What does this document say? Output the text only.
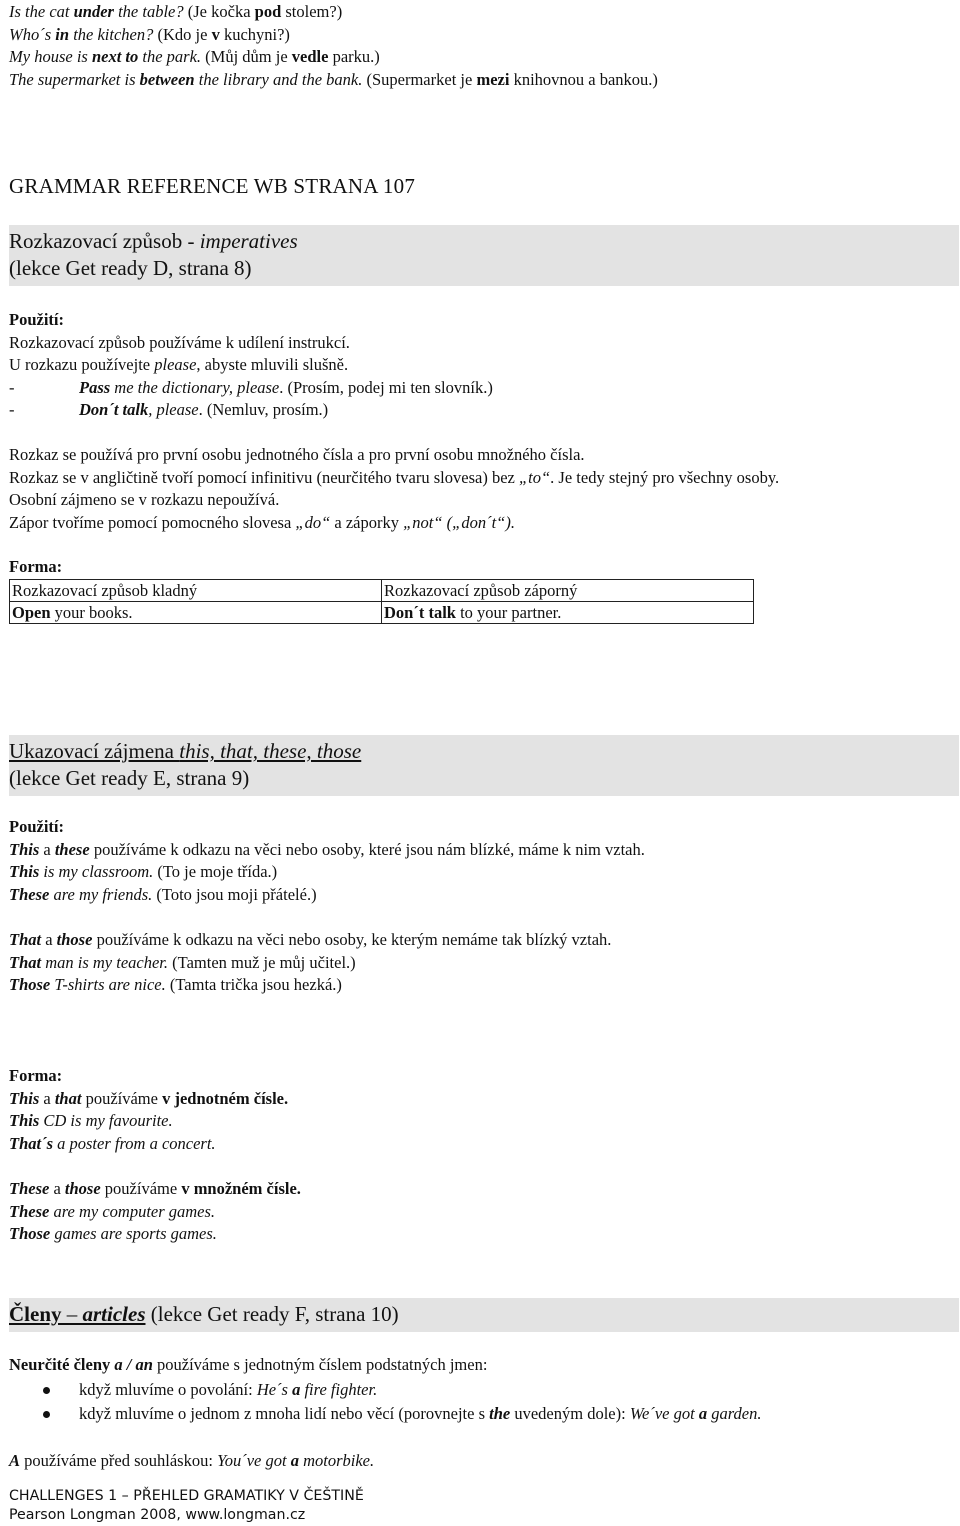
Is the cat under the table? (Je kočka pod stolem?)

Who´s in the kitchen? (Kdo je v kuchyni?)

My house is next to the park. (Můj dům je vedle parku.)

The supermarket is between the library and the bank. (Supermarket je mezi knihovnou a bankou.)

GRAMMAR REFERENCE WB STRANA 107
Rozkazovací způsob - imperatives
(lekce Get ready D, strana 8)

Použití:

Rozkazovací způsob používáme k udílení instrukcí.

U rozkazu používejte please, abyste mluvili slušně.

-	Pass me the dictionary, please. (Prosím, podej mi ten slovník.)

-	Don´t talk, please. (Nemluv, prosím.)

Rozkaz se používá pro první osobu jednotného čísla a pro první osobu množného čísla.

Rozkaz se v angličtině tvoří pomocí infinitivu (neurčitého tvaru slovesa) bez „to“. Je tedy stejný pro všechny osoby.

Osobní zájmeno se v rozkazu nepoužívá.

Zápor tvoříme pomocí pomocného slovesa „do“ a záporky „not“ („don´t“).

Forma:

Rozkazovací způsob kladný	Rozkazovací způsob záporný
Open your books.	Don´t talk to your partner.
Ukazovací zájmena this, that, these, those
(lekce Get ready E, strana 9)

Použití:

This a these používáme k odkazu na věci nebo osoby, které jsou nám blízké, máme k nim vztah.

This is my classroom. (To je moje třída.)

These are my friends. (Toto jsou moji přátelé.)

That a those používáme k odkazu na věci nebo osoby, ke kterým nemáme tak blízký vztah.

That man is my teacher. (Tamten muž je můj učitel.)

Those T-shirts are nice. (Tamta trička jsou hezká.)

Forma:

This a that používáme v jednotném čísle.

This CD is my favourite.

That´s a poster from a concert.

These a those používáme v množném čísle.

These are my computer games.

Those games are sports games.

Členy – articles (lekce Get ready F, strana 10)

Neurčité členy a / an používáme s jednotným číslem podstatných jmen:

když mluvíme o povolání: He´s a fire fighter.
když mluvíme o jednom z mnoha lidí nebo věcí (porovnejte s the uvedeným dole): We´ve got a garden.

A používáme před souhláskou: You´ve got a motorbike.

CHALLENGES 1 – PŘEHLED GRAMATIKY V ČEŠTINĚ
Pearson Longman 2008, www.longman.cz
